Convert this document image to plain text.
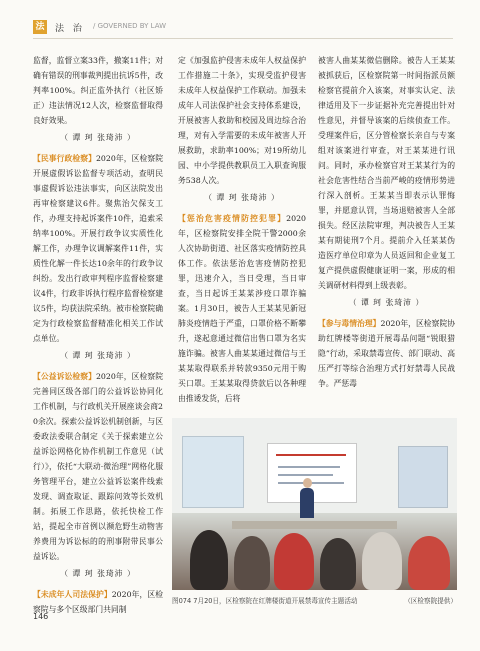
法 法 治 / GOVERNED BY LAW

监督，监督立案33件，撤案11件；对确有错误的刑事裁判提出抗诉5件，改判率100%。纠正监外执行（社区矫正）违法情况12人次，检察监督取得良好效果。

（ 谭 珂 张琦沛 ）

【民事行政检察】2020年，区检察院开展虚假诉讼监督专项活动，查明民事虚假诉讼违法事实，向区法院发出再审检察建议6件。聚焦治欠保支工作，办理支持起诉案件10件，追索采纳率100%。开展行政争议实质性化解工作，办理争议调解案件11件，实质性化解一件长达10余年的行政争议纠纷。发出行政审判程序监督检察建议4件，行政非诉执行程序监督检察建议5件，均获法院采纳。被市检察院确定为行政检察监督精准化相关工作试点单位。

（ 谭 珂 张琦沛 ）

【公益诉讼检察】2020年，区检察院完善同区级各部门的公益诉讼协同化工作机制，与行政机关开展座谈会商20余次。探索公益诉讼机制创新，与区委政法委联合制定《关于探索建立公益诉讼网格化协作机制工作意见（试行）》，依托“大联动·微治理”网格化服务管理平台，建立公益诉讼案件线索发现、调查取证、跟踪问效等长效机制。拓展工作思路，依托快检工作站，提起全市首例以濒危野生动物害养费用为诉讼标的的刑事附带民事公益诉讼。

（ 谭 珂 张琦沛 ）

【未成年人司法保护】2020年，区检察院与多个区级部门共同制

定《加强监护侵害未成年人权益保护工作措施二十条》，实现受监护侵害未成年人权益保护工作联动。加强未成年人司法保护社会支持体系建设，开展被害人救助和校园及周边综合治理，对有入学需要的未成年被害人开展救助，求助率100%；对19所幼儿园、中小学提供教职员工入职查询服务538人次。

（ 谭 珂 张琦沛 ）

【惩治危害疫情防控犯罪】2020年，区检察院安排全院干警2000余人次协助街道、社区落实疫情防控具体工作。依法惩治危害疫情防控犯罪，迅速介入，当日受理，当日审查，当日起诉王某某涉疫口罩诈骗案。1月30日，被告人王某某见新冠肺炎疫情趋于严重，口罩价格不断攀升，遂起意通过微信出售口罩为名实施诈骗。被害人曲某某通过微信与王某某取得联系并转款9350元用于购买口罩。王某某取得贷款后以各种理由推诿发货，后将

被害人曲某某微信删除。被告人王某某被抓获后，区检察院第一时间指派员额检察官提前介入该案，对事实认定、法律适用及下一步证据补充完善提出针对性意见，并督导该案的后续侦查工作。受理案件后，区分管检察长亲自与专案组对该案进行审查，对王某某进行讯问。同时，承办检察官对王某某行为的社会危害性结合当前严峻的疫情形势进行深入剖析。王某某当即表示认罪悔罪，并愿意认罚，当场退赔被害人全部损失。经区法院审理，判决被告人王某某有期徒刑7个月。提前介入任某某伪造医疗单位印章为人员返回和企业复工复产提供虚假健康证明一案，形成的相关调研材料得到上级表彰。

（ 谭 珂 张琦沛 ）

【参与毒情治理】2020年，区检察院协助红牌楼等街道开展毒品问题“锐眼猎隐”行动，采取禁毒宣传、部门联动、高压严打等综合治理方式打好禁毒人民战争。严惩毒

图074 7月20日，区检察院在红牌楼街道开展禁毒宣传主题活动	（区检察院提供）
146
